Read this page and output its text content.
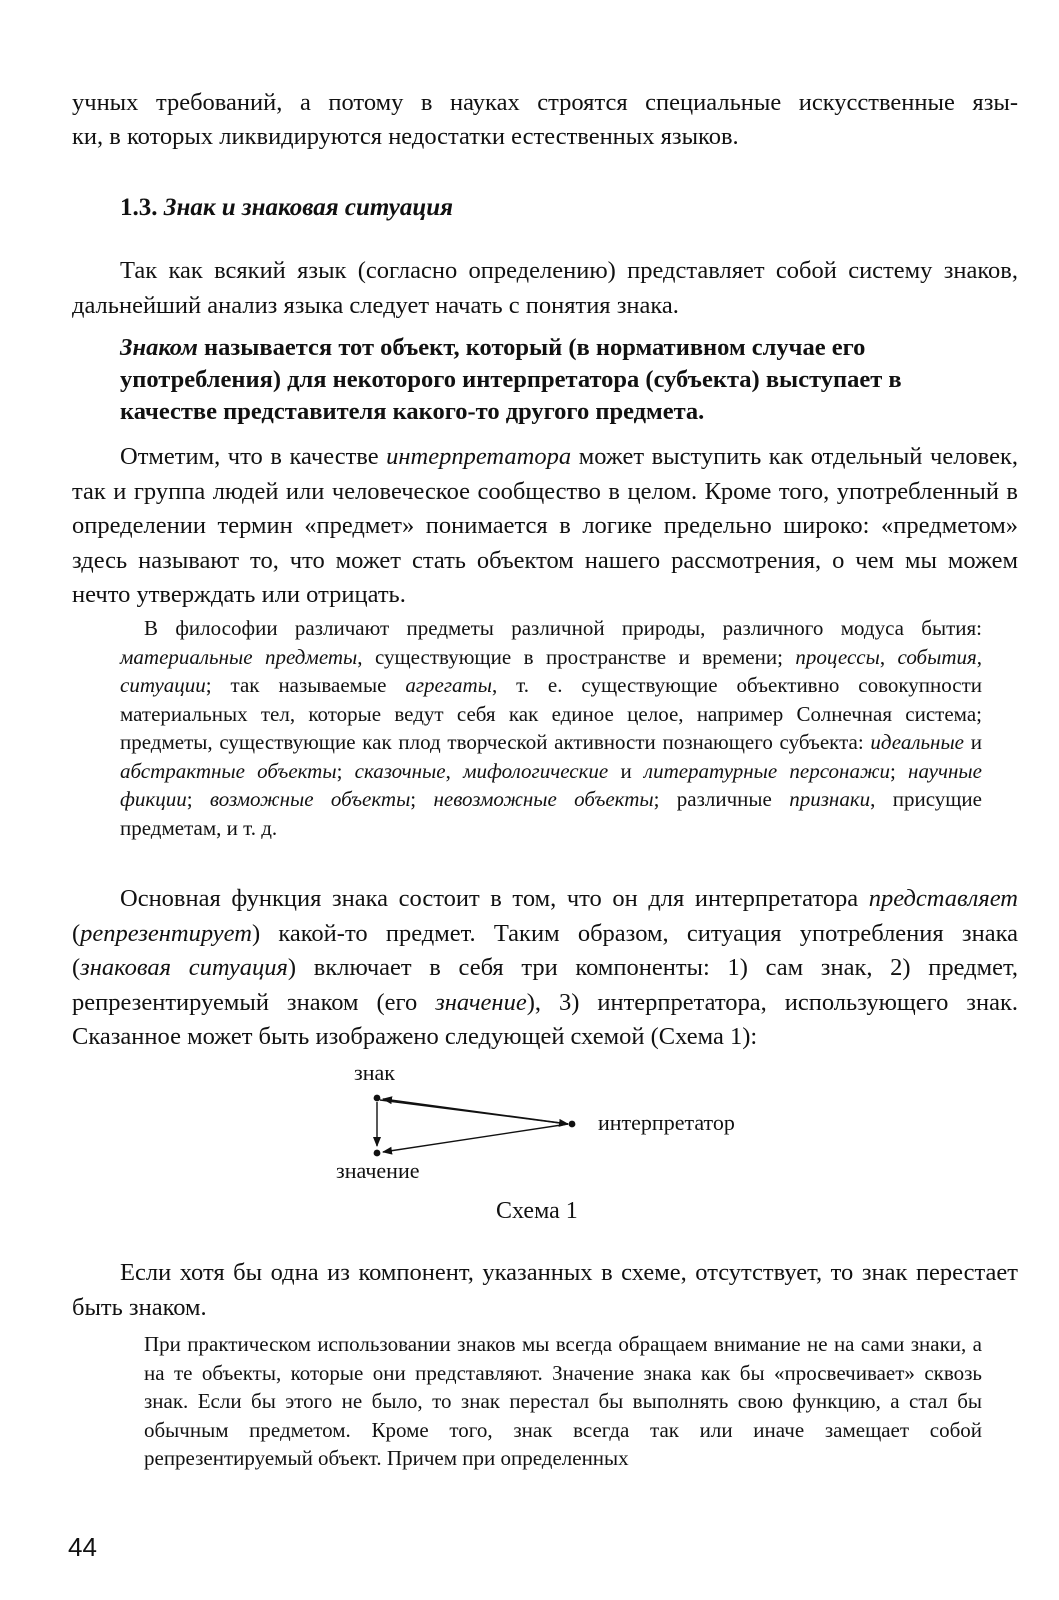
учных требований, а потому в науках строятся специальные искусственные язы-
ки, в которых ликвидируются недостатки естественных языков.

1.3. Знак и знаковая ситуация

Так как всякий язык (согласно определению) представляет собой систему знаков, дальнейший анализ языка следует начать с понятия знака.

Знаком называется тот объект, который (в нормативном случае его употребления) для некоторого интерпретатора (субъекта) выступает в качестве представителя какого-то другого предмета.

Отметим, что в качестве интерпретатора может выступить как отдельный человек, так и группа людей или человеческое сообщество в целом. Кроме того, употребленный в определении термин «предмет» понимается в логике предельно широко: «предметом» здесь называют то, что может стать объектом нашего рассмотрения, о чем мы можем нечто утверждать или отрицать.

В философии различают предметы различной природы, различного модуса бытия: материальные предметы, существующие в пространстве и времени; процессы, события, ситуации; так называемые агрегаты, т. е. существующие объективно совокупности материальных тел, которые ведут себя как единое целое, например Солнечная система; предметы, существующие как плод творческой активности познающего субъекта: идеальные и абстрактные объекты; сказочные, мифологические и литературные персонажи; научные фикции; возможные объекты; невозможные объекты; различные признаки, присущие предметам, и т. д.

Основная функция знака состоит в том, что он для интерпретатора представляет (репрезентирует) какой-то предмет. Таким образом, ситуация употребления знака (знаковая ситуация) включает в себя три компоненты: 1) сам знак, 2) предмет, репрезентируемый знаком (его значение), 3) интерпретатора, использующего знак. Сказанное может быть изображено следующей схемой (Схема 1):

знак
интерпретатор
значение

Схема 1

Если хотя бы одна из компонент, указанных в схеме, отсутствует, то знак перестает быть знаком.

При практическом использовании знаков мы всегда обращаем внимание не на сами знаки, а на те объекты, которые они представляют. Значение знака как бы «просвечивает» сквозь знак. Если бы этого не было, то знак перестал бы выполнять свою функцию, а стал бы обычным предметом. Кроме того, знак всегда так или иначе замещает собой репрезентируемый объект. Причем при определенных

44
